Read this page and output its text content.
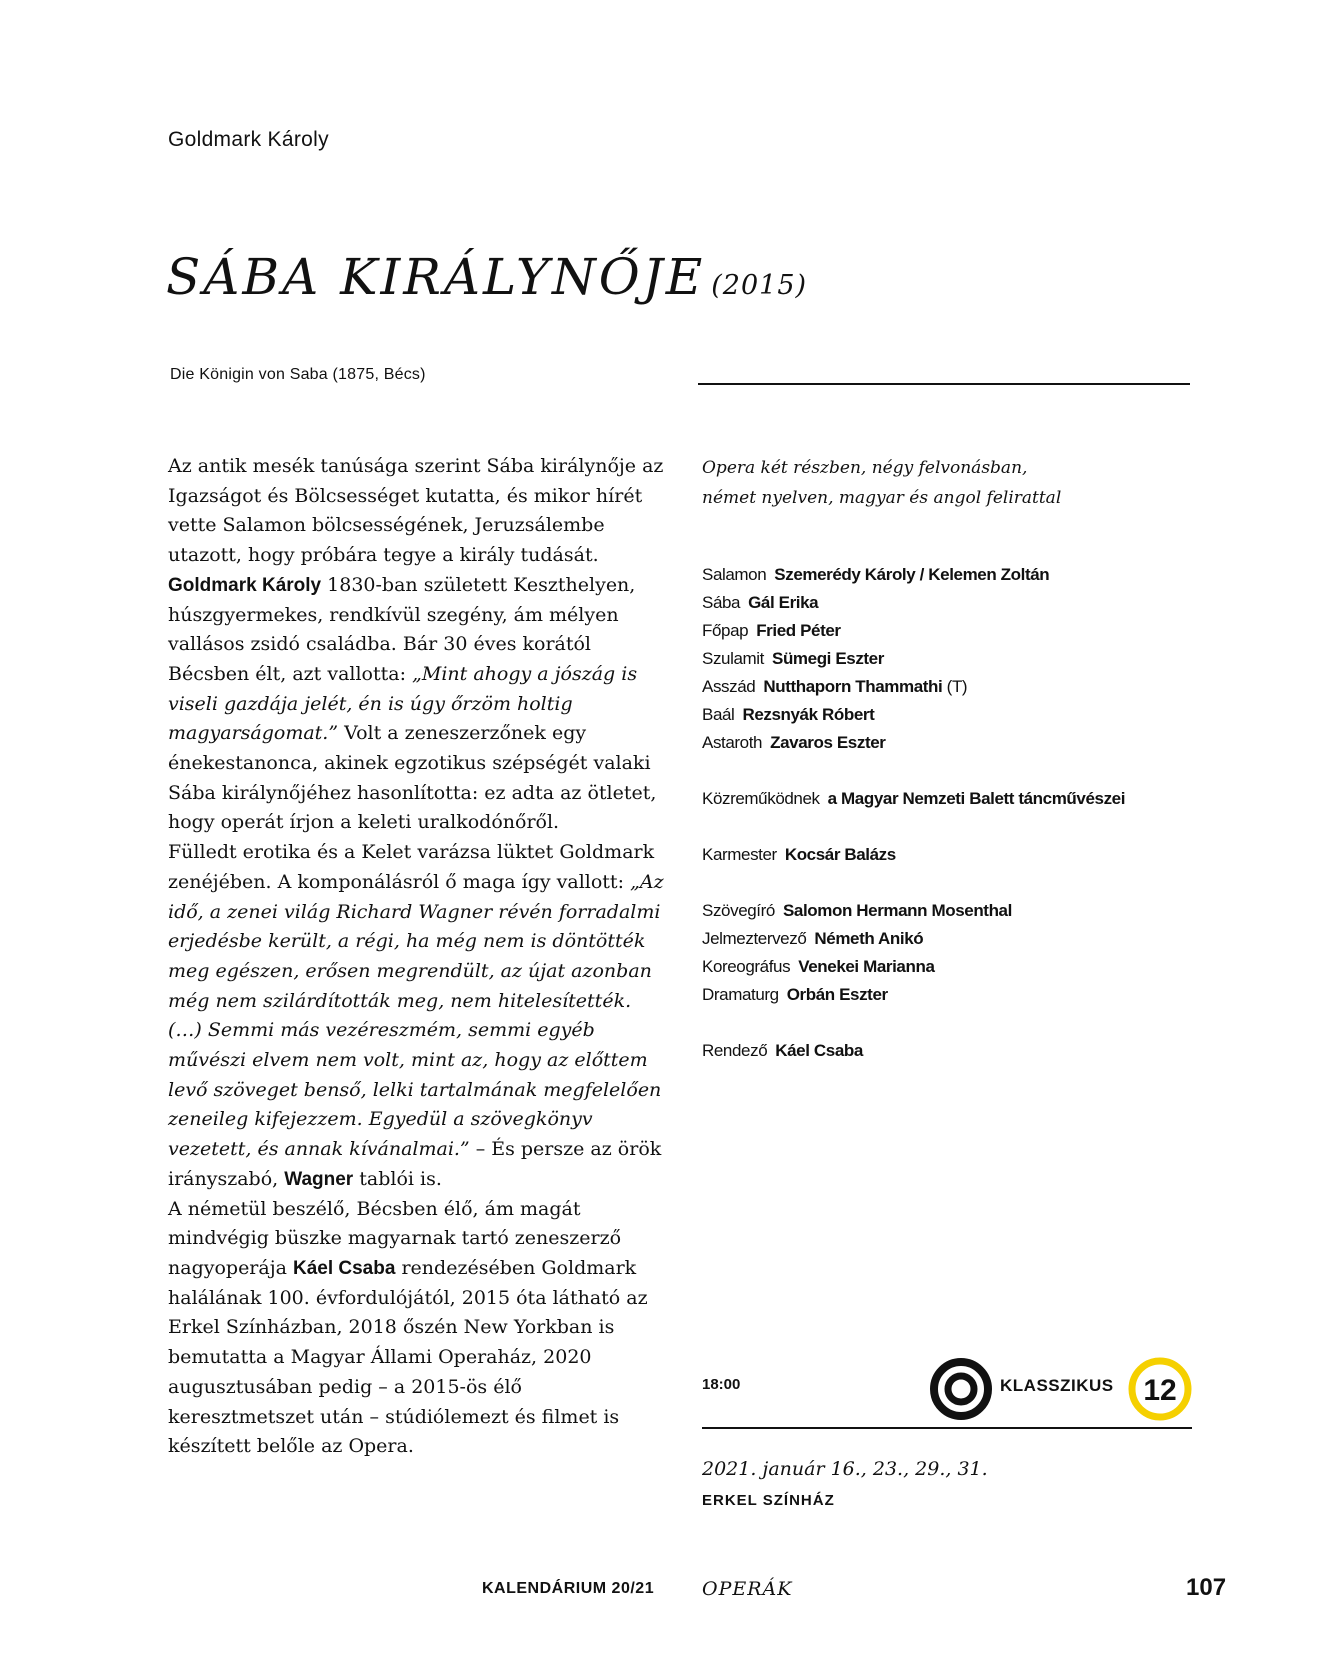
Goldmark Károly
SÁBA KIRÁLYNŐJE (2015)
Die Königin von Saba (1875, Bécs)

Az antik mesék tanúsága szerint Sába királynője az Igazságot és Bölcsességet kutatta, és mikor hírét vette Salamon bölcsességének, Jeruzsálembe utazott, hogy próbára tegye a király tudását.

Goldmark Károly 1830-ban született Keszthelyen, húszgyermekes, rendkívül szegény, ám mélyen vallásos zsidó családba. Bár 30 éves korától Bécsben élt, azt vallotta: „Mint ahogy a jószág is viseli gazdája jelét, én is úgy őrzöm holtig magyarságomat.” Volt a zeneszerzőnek egy énekestanonca, akinek egzotikus szépségét valaki Sába királynőjéhez hasonlította: ez adta az ötletet, hogy operát írjon a keleti uralkodónőről.

Fülledt erotika és a Kelet varázsa lüktet Goldmark zenéjében. A komponálásról ő maga így vallott: „Az idő, a zenei világ Richard Wagner révén forradalmi erjedésbe került, a régi, ha még nem is döntötték meg egészen, erősen megrendült, az újat azonban még nem szilárdították meg, nem hitelesítették. (…) Semmi más vezéreszmém, semmi egyéb művészi elvem nem volt, mint az, hogy az előttem levő szöveget benső, lelki tartalmának megfelelően zeneileg kifejezzem. Egyedül a szövegkönyv vezetett, és annak kívánalmai.” – És persze az örök irányszabó, Wagner tablói is.

A németül beszélő, Bécsben élő, ám magát mindvégig büszke magyarnak tartó zeneszerző nagyoperája Káel Csaba rendezésében Goldmark halálának 100. évfordulójától, 2015 óta látható az Erkel Színházban, 2018 őszén New Yorkban is bemutatta a Magyar Állami Operaház, 2020 augusztusában pedig – a 2015-ös élő keresztmetszet után – stúdiólemezt és filmet is készített belőle az Opera.

Opera két részben, négy felvonásban,
német nyelven, magyar és angol felirattal
Salamon Szemerédy Károly / Kelemen Zoltán
Sába Gál Erika
Főpap Fried Péter
Szulamit Sümegi Eszter
Asszád Nutthaporn Thammathi (T)
Baál Rezsnyák Róbert
Astaroth Zavaros Eszter
Közreműködnek a Magyar Nemzeti Balett táncművészei
Karmester Kocsár Balázs
Szövegíró Salomon Hermann Mosenthal
Jelmeztervező Németh Anikó
Koreográfus Venekei Marianna
Dramaturg Orbán Eszter
Rendező Káel Csaba
18:00	KLASSZIKUS 12
2021. január 16., 23., 29., 31.
ERKEL SZÍNHÁZ
KALENDÁRIUM 20/21	OPERÁK	107
